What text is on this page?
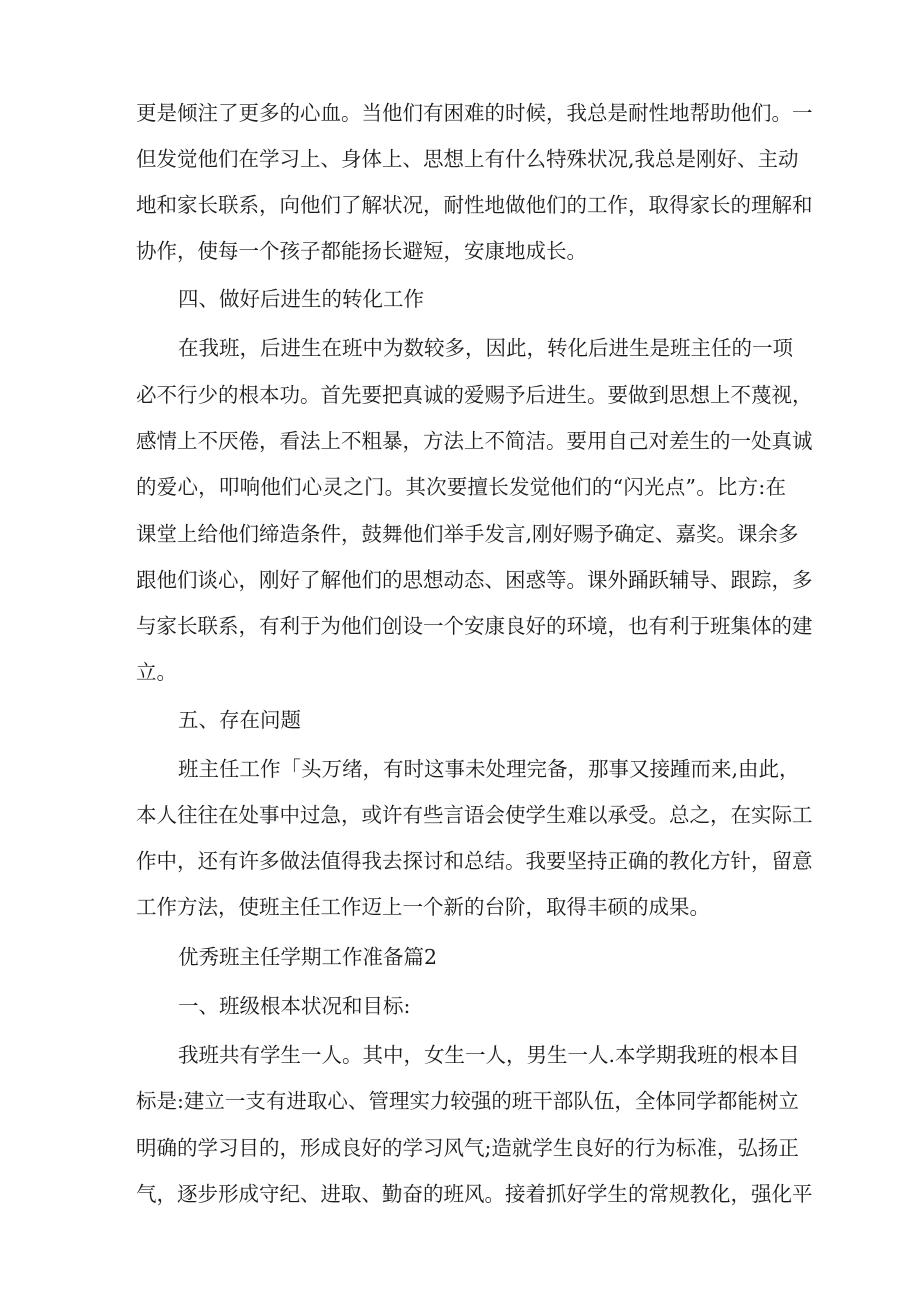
更是倾注了更多的心血。当他们有困难的时候，我总是耐性地帮助他们。一
但发觉他们在学习上、身体上、思想上有什么特殊状况,我总是刚好、主动
地和家长联系，向他们了解状况，耐性地做他们的工作，取得家长的理解和
协作，使每一个孩子都能扬长避短，安康地成长。
四、做好后进生的转化工作
在我班，后进生在班中为数较多，因此，转化后进生是班主任的一项
必不行少的根本功。首先要把真诚的爱赐予后进生。要做到思想上不蔑视，
感情上不厌倦，看法上不粗暴，方法上不简洁。要用自己对差生的一处真诚
的爱心，叩响他们心灵之门。其次要擅长发觉他们的“闪光点”。比方:在
课堂上给他们缔造条件，鼓舞他们举手发言,刚好赐予确定、嘉奖。课余多
跟他们谈心，刚好了解他们的思想动态、困惑等。课外踊跃辅导、跟踪，多
与家长联系，有利于为他们创设一个安康良好的环境，也有利于班集体的建
立。
五、存在问题
班主任工作「头万绪，有时这事未处理完备，那事又接踵而来,由此，
本人往往在处事中过急，或许有些言语会使学生难以承受。总之，在实际工
作中，还有许多做法值得我去探讨和总结。我要坚持正确的教化方针，留意
工作方法，使班主任工作迈上一个新的台阶，取得丰硕的成果。
优秀班主任学期工作准备篇2
一、班级根本状况和目标:
我班共有学生一人。其中，女生一人，男生一人.本学期我班的根本目
标是:建立一支有进取心、管理实力较强的班干部队伍，全体同学都能树立
明确的学习目的，形成良好的学习风气;造就学生良好的行为标准，弘扬正
气，逐步形成守纪、进取、勤奋的班风。接着抓好学生的常规教化，强化平
